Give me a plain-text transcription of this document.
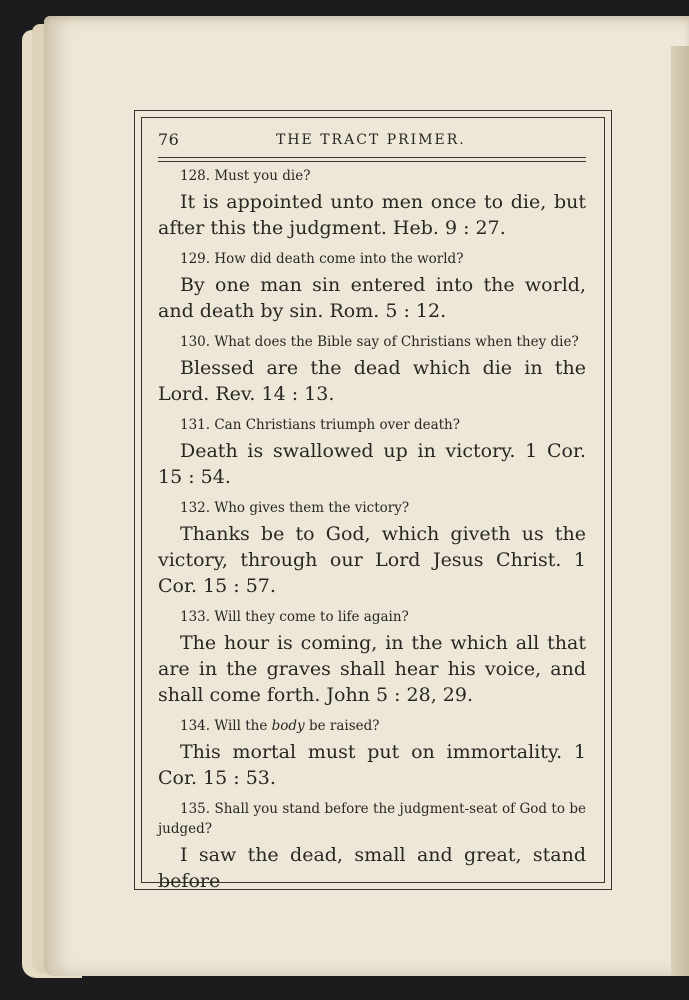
76	THE TRACT PRIMER.

128. Must you die?

It is appointed unto men once to die, but after this the judgment. Heb. 9 : 27.

129. How did death come into the world?

By one man sin entered into the world, and death by sin. Rom. 5 : 12.

130. What does the Bible say of Christians when they die?

Blessed are the dead which die in the Lord. Rev. 14 : 13.

131. Can Christians triumph over death?

Death is swallowed up in victory. 1 Cor. 15 : 54.

132. Who gives them the victory?

Thanks be to God, which giveth us the victory, through our Lord Jesus Christ. 1 Cor. 15 : 57.

133. Will they come to life again?

The hour is coming, in the which all that are in the graves shall hear his voice, and shall come forth. John 5 : 28, 29.

134. Will the body be raised?

This mortal must put on immortality. 1 Cor. 15 : 53.

135. Shall you stand before the judgment-seat of God to be judged?

I saw the dead, small and great, stand before
